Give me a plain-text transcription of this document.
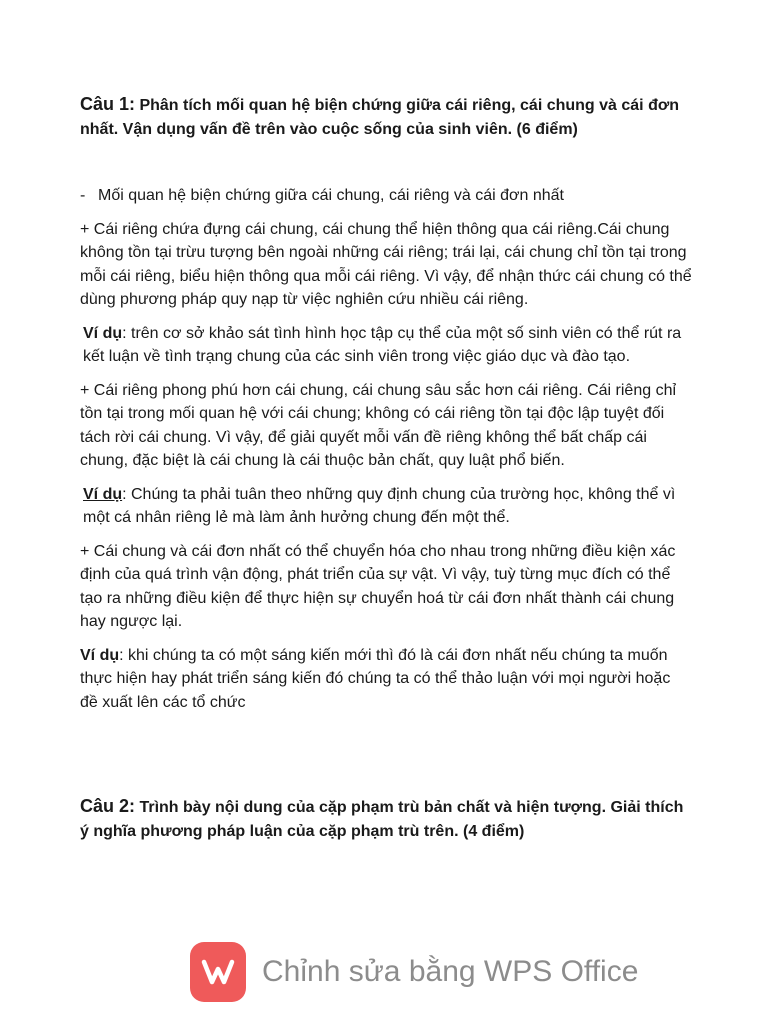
Câu 1: Phân tích mối quan hệ biện chứng giữa cái riêng, cái chung và cái đơn nhất. Vận dụng vấn đề trên vào cuộc sống của sinh viên. (6 điểm)

- Mối quan hệ biện chứng giữa cái chung, cái riêng và cái đơn nhất

+ Cái riêng chứa đựng cái chung, cái chung thể hiện thông qua cái riêng.Cái chung không tồn tại trừu tượng bên ngoài những cái riêng; trái lại, cái chung chỉ tồn tại trong mỗi cái riêng, biểu hiện thông qua mỗi cái riêng. Vì vậy, để nhận thức cái chung có thể dùng phương pháp quy nạp từ việc nghiên cứu nhiều cái riêng.

Ví dụ: trên cơ sở khảo sát tình hình học tập cụ thể của một số sinh viên có thể rút ra kết luận về tình trạng chung của các sinh viên trong việc giáo dục và đào tạo.

+ Cái riêng phong phú hơn cái chung, cái chung sâu sắc hơn cái riêng. Cái riêng chỉ tồn tại trong mối quan hệ với cái chung; không có cái riêng tồn tại độc lập tuyệt đối tách rời cái chung. Vì vậy, để giải quyết mỗi vấn đề riêng không thể bất chấp cái chung, đặc biệt là cái chung là cái thuộc bản chất, quy luật phổ biến.

Ví dụ: Chúng ta phải tuân theo những quy định chung của trường học, không thể vì một cá nhân riêng lẻ mà làm ảnh hưởng chung đến một thể.

+ Cái chung và cái đơn nhất có thể chuyển hóa cho nhau trong những điều kiện xác định của quá trình vận động, phát triển của sự vật. Vì vậy, tuỳ từng mục đích có thể tạo ra những điều kiện để thực hiện sự chuyển hoá từ cái đơn nhất thành cái chung hay ngược lại.

Ví dụ: khi chúng ta có một sáng kiến mới thì đó là cái đơn nhất nếu chúng ta muốn thực hiện hay phát triển sáng kiến đó chúng ta có thể thảo luận với mọi người hoặc đề xuất lên các tổ chức

Câu 2: Trình bày nội dung của cặp phạm trù bản chất và hiện tượng. Giải thích ý nghĩa phương pháp luận của cặp phạm trù trên. (4 điểm)

Chỉnh sửa bằng WPS Office
